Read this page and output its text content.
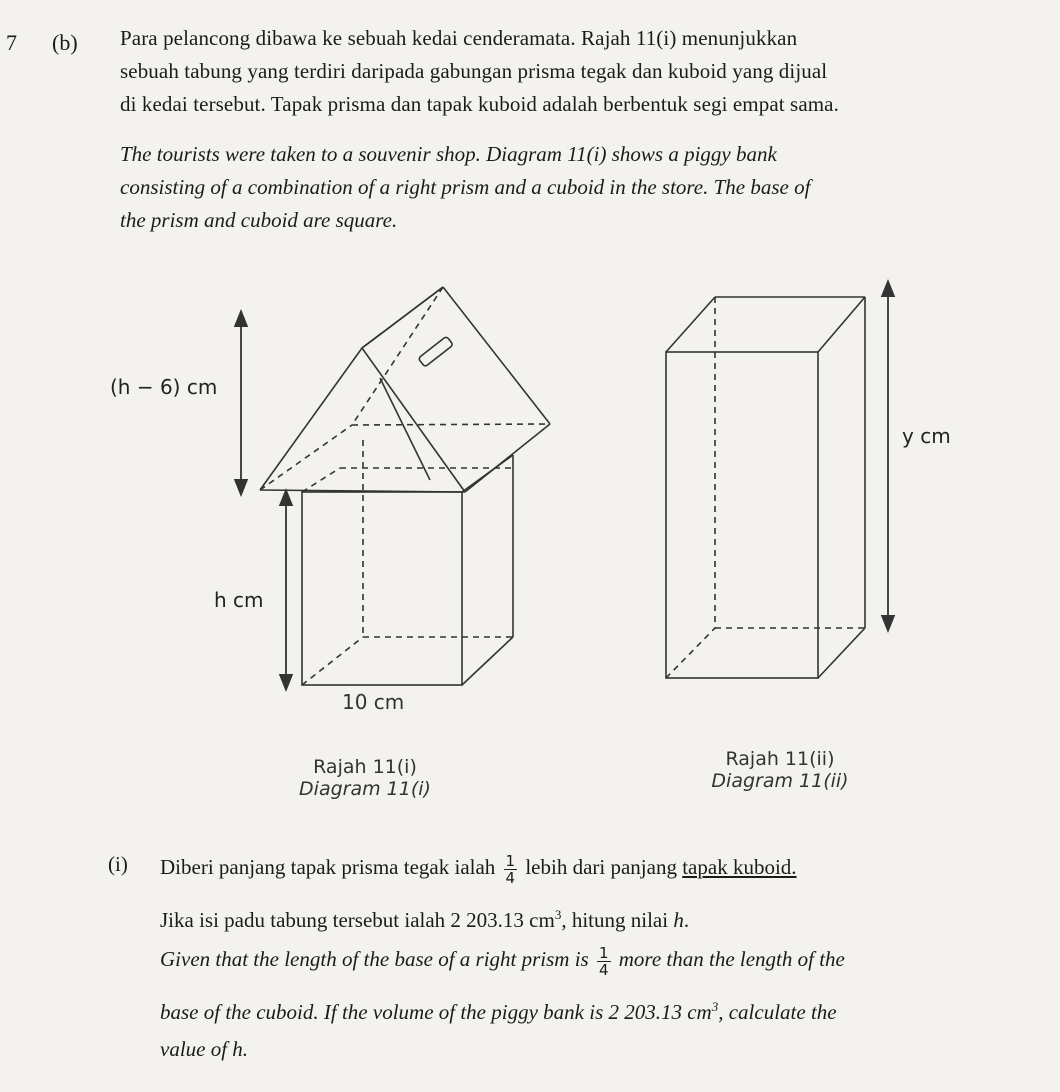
7 (b) Para pelancong dibawa ke sebuah kedai cenderamata. Rajah 11(i) menunjukkan
sebuah tabung yang terdiri daripada gabungan prisma tegak dan kuboid yang dijual
di kedai tersebut. Tapak prisma dan tapak kuboid adalah berbentuk segi empat sama.
The tourists were taken to a souvenir shop. Diagram 11(i) shows a piggy bank
consisting of a combination of a right prism and a cuboid in the store. The base of
the prism and cuboid are square.
(h − 6) cm
h cm
10 cm
y cm
Rajah 11(i)
Diagram 11(i)
Rajah 11(ii)
Diagram 11(ii)
(i) Diberi panjang tapak prisma tegak ialah $\frac{1}{4}$ lebih dari panjang tapak kuboid.
Jika isi padu tabung tersebut ialah 2 203.13 $cm^3$, hitung nilai h.
Given that the length of the base of a right prism is $\frac{1}{4}$ more than the length of the
base of the cuboid. If the volume of the piggy bank is 2 203.13 $cm^3$, calculate the
value of h.
